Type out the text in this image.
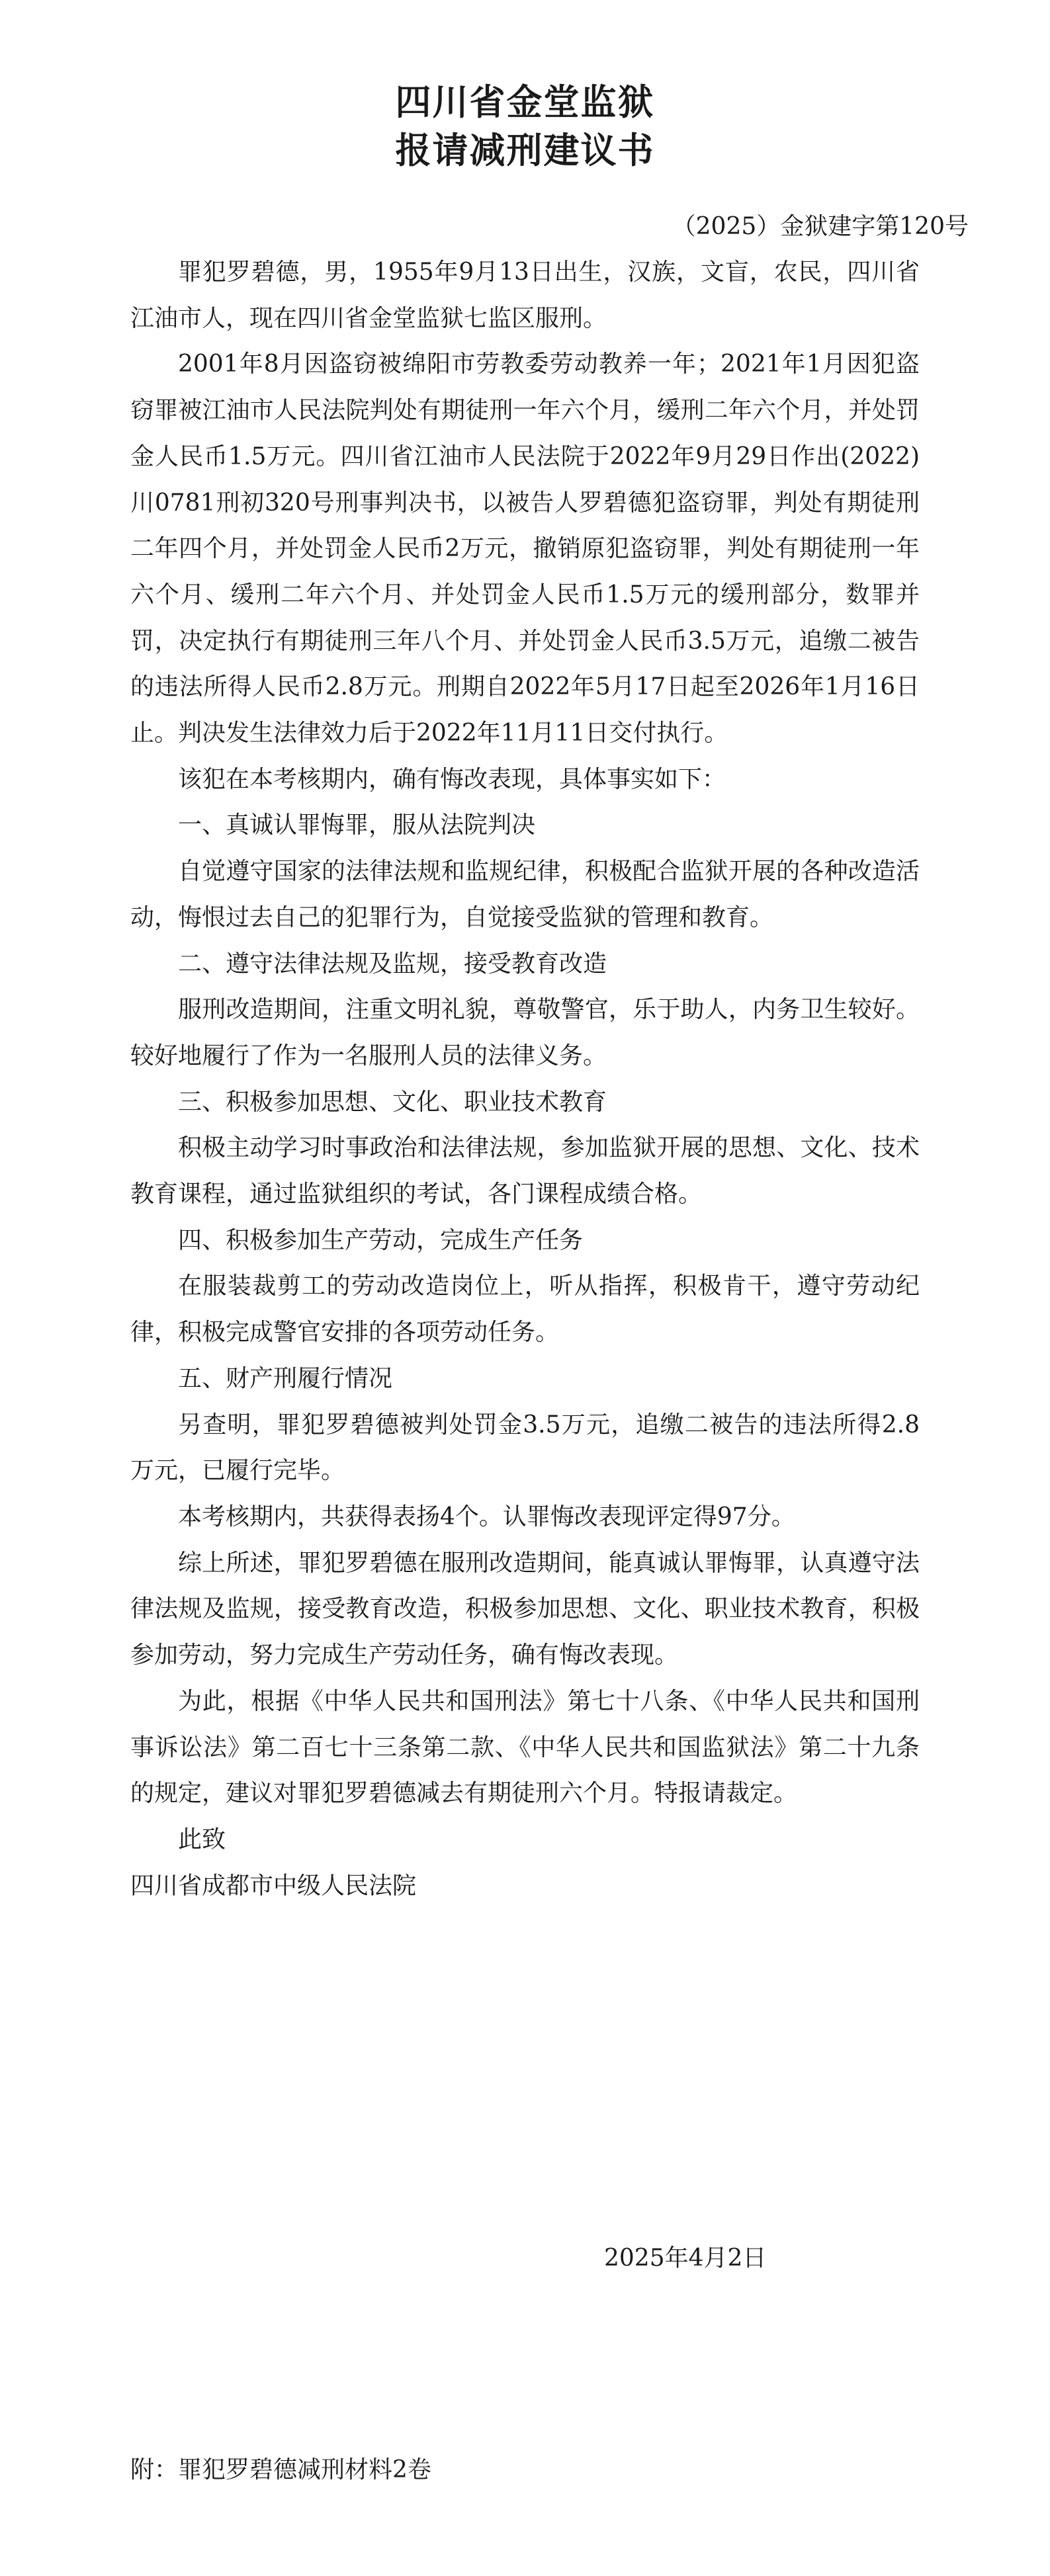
四川省金堂监狱
报请减刑建议书
（2025）金狱建字第120号

罪犯罗碧德，男，1955年9月13日出生，汉族，文盲，农民，四川省江油市人，现在四川省金堂监狱七监区服刑。

2001年8月因盗窃被绵阳市劳教委劳动教养一年；2021年1月因犯盗窃罪被江油市人民法院判处有期徒刑一年六个月，缓刑二年六个月，并处罚金人民币1.5万元。四川省江油市人民法院于2022年9月29日作出(2022)川0781刑初320号刑事判决书，以被告人罗碧德犯盗窃罪，判处有期徒刑二年四个月，并处罚金人民币2万元，撤销原犯盗窃罪，判处有期徒刑一年六个月、缓刑二年六个月、并处罚金人民币1.5万元的缓刑部分，数罪并罚，决定执行有期徒刑三年八个月、并处罚金人民币3.5万元，追缴二被告的违法所得人民币2.8万元。刑期自2022年5月17日起至2026年1月16日止。判决发生法律效力后于2022年11月11日交付执行。

该犯在本考核期内，确有悔改表现，具体事实如下：

一、真诚认罪悔罪，服从法院判决

自觉遵守国家的法律法规和监规纪律，积极配合监狱开展的各种改造活动，悔恨过去自己的犯罪行为，自觉接受监狱的管理和教育。

二、遵守法律法规及监规，接受教育改造

服刑改造期间，注重文明礼貌，尊敬警官，乐于助人，内务卫生较好。较好地履行了作为一名服刑人员的法律义务。

三、积极参加思想、文化、职业技术教育

积极主动学习时事政治和法律法规，参加监狱开展的思想、文化、技术教育课程，通过监狱组织的考试，各门课程成绩合格。

四、积极参加生产劳动，完成生产任务

在服装裁剪工的劳动改造岗位上，听从指挥，积极肯干，遵守劳动纪律，积极完成警官安排的各项劳动任务。

五、财产刑履行情况

另查明，罪犯罗碧德被判处罚金3.5万元，追缴二被告的违法所得2.8万元，已履行完毕。

本考核期内，共获得表扬4个。认罪悔改表现评定得97分。

综上所述，罪犯罗碧德在服刑改造期间，能真诚认罪悔罪，认真遵守法律法规及监规，接受教育改造，积极参加思想、文化、职业技术教育，积极参加劳动，努力完成生产劳动任务，确有悔改表现。

为此，根据《中华人民共和国刑法》第七十八条、《中华人民共和国刑事诉讼法》第二百七十三条第二款、《中华人民共和国监狱法》第二十九条的规定，建议对罪犯罗碧德减去有期徒刑六个月。特报请裁定。

此致

四川省成都市中级人民法院

2025年4月2日
附：罪犯罗碧德减刑材料2卷
